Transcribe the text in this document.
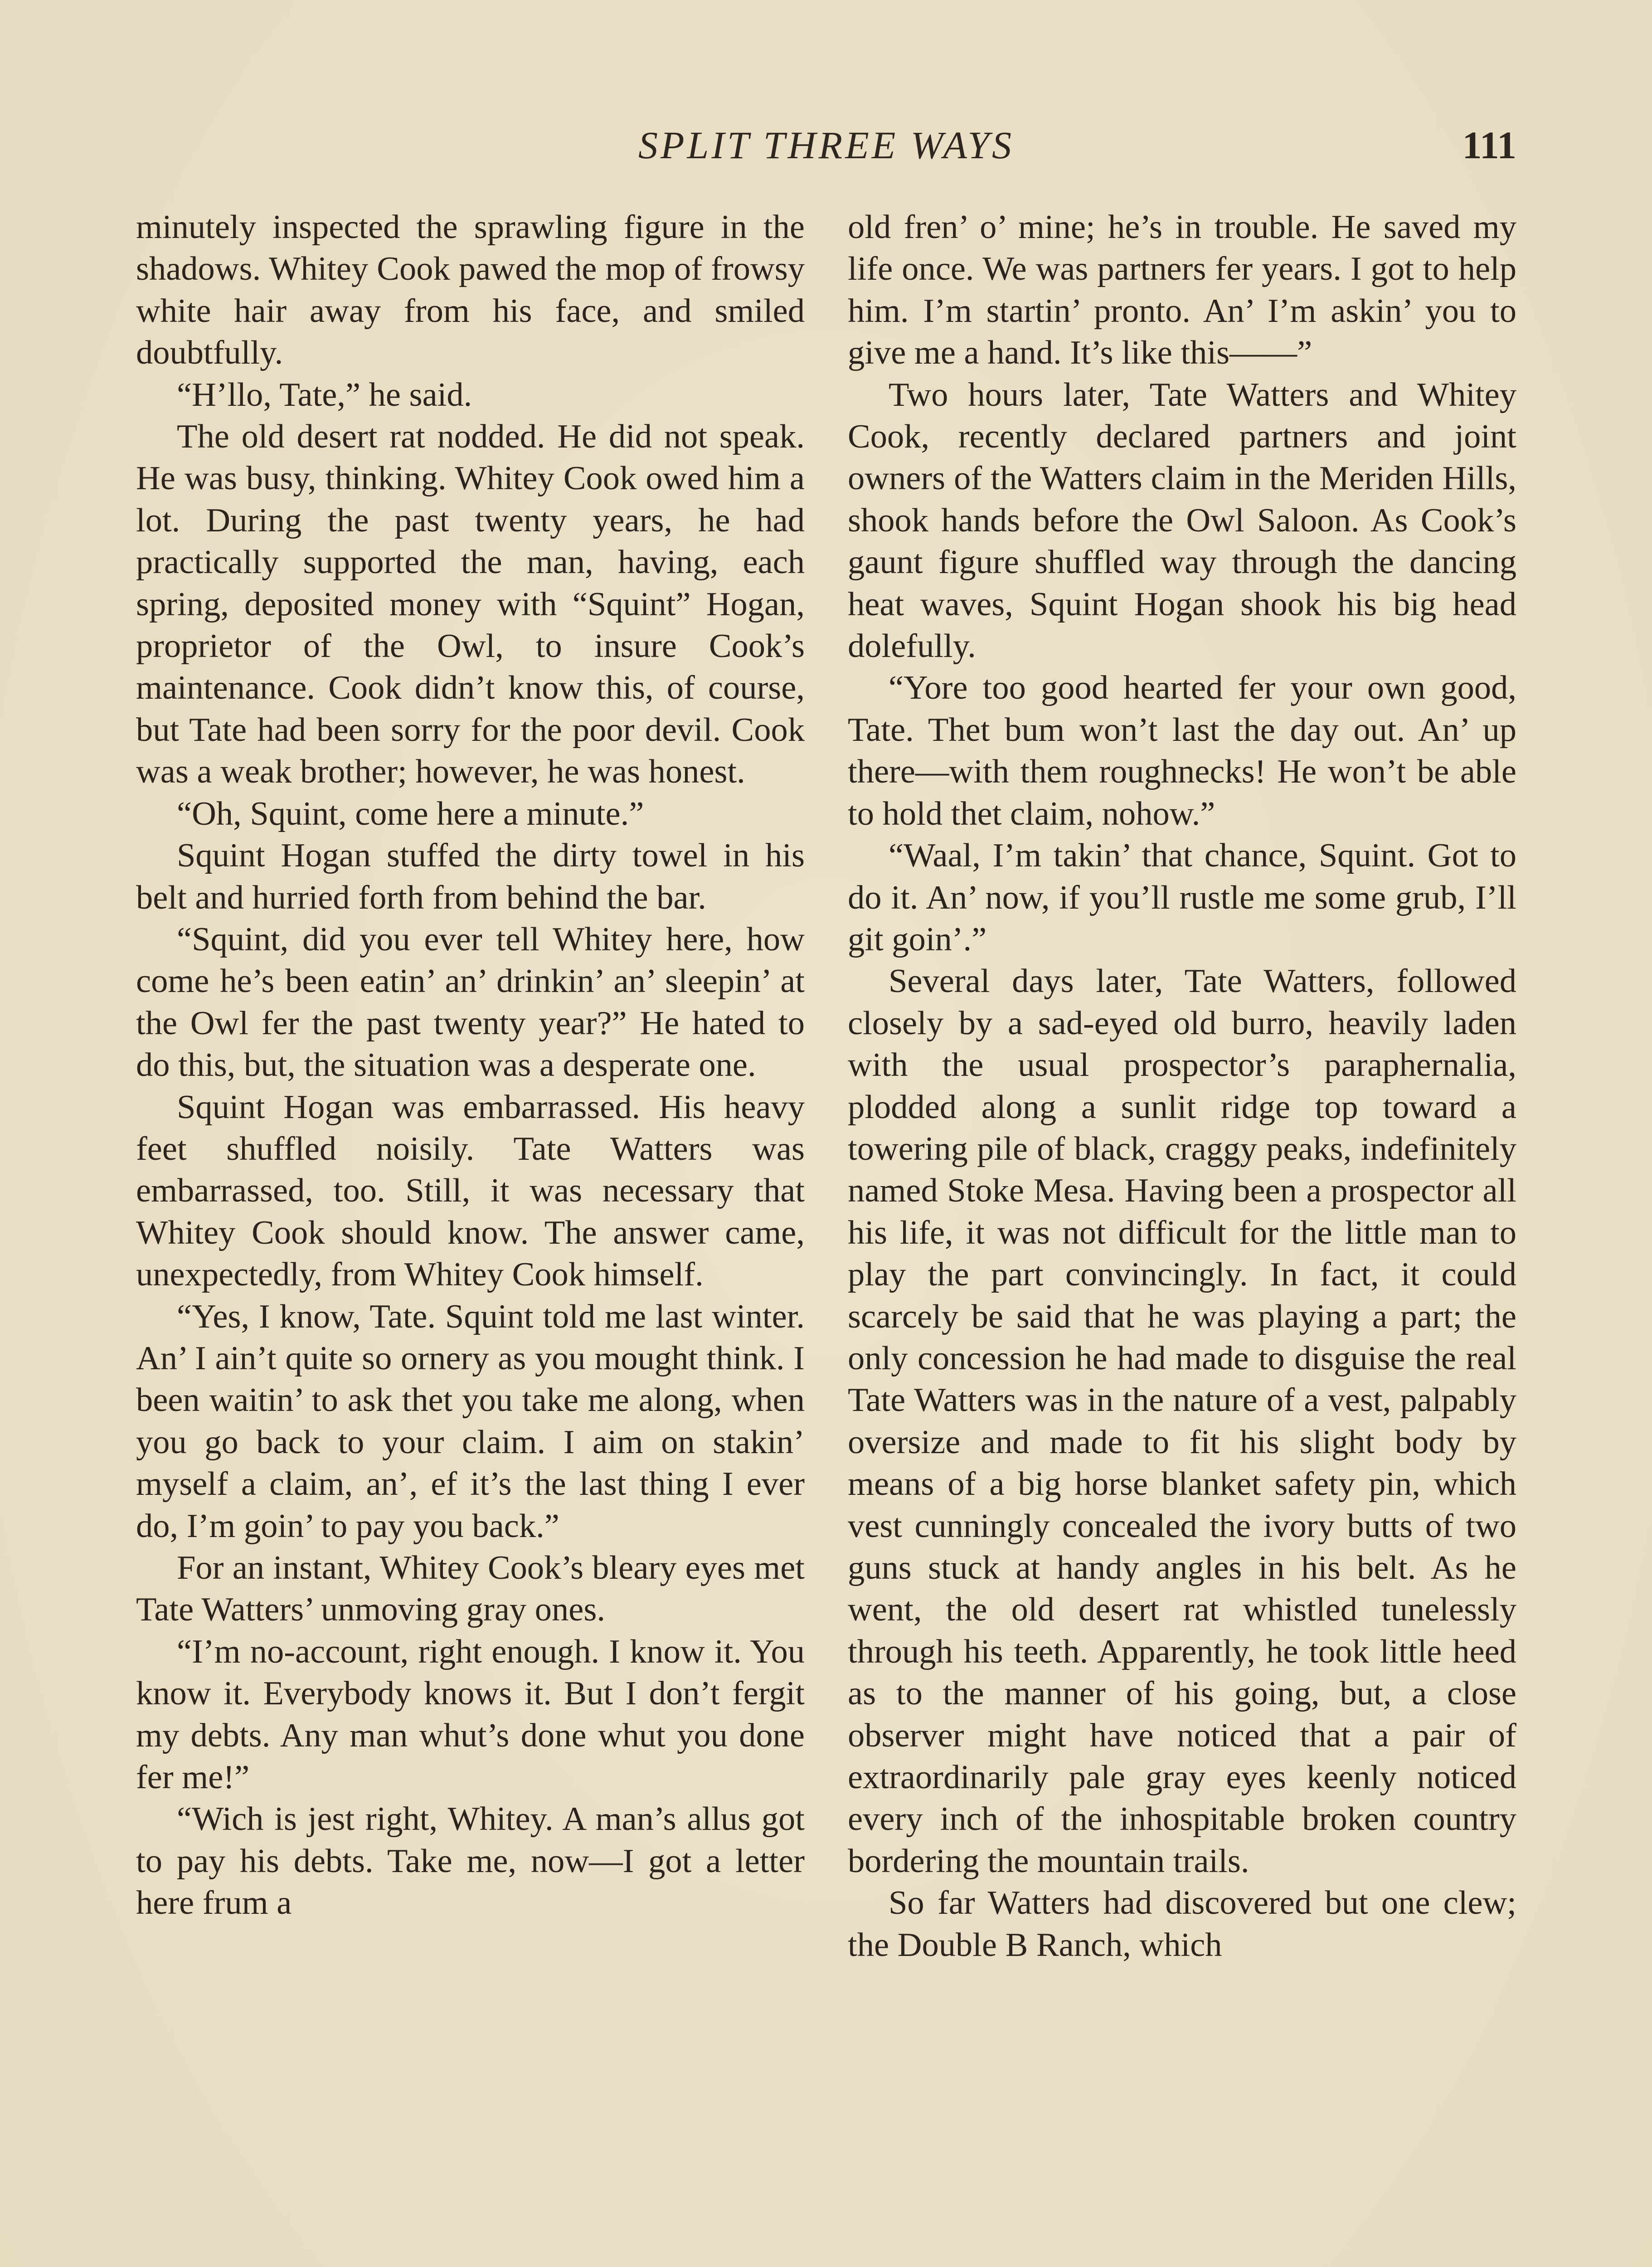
SPLIT THREE WAYS	111

minutely inspected the sprawling figure in the shadows. Whitey Cook pawed the mop of frowsy white hair away from his face, and smiled doubtfully.

“H’llo, Tate,” he said.

The old desert rat nodded. He did not speak. He was busy, thinking. Whitey Cook owed him a lot. During the past twenty years, he had practically supported the man, having, each spring, deposited money with “Squint” Hogan, proprietor of the Owl, to insure Cook’s maintenance. Cook didn’t know this, of course, but Tate had been sorry for the poor devil. Cook was a weak brother; however, he was honest.

“Oh, Squint, come here a minute.”

Squint Hogan stuffed the dirty towel in his belt and hurried forth from behind the bar.

“Squint, did you ever tell Whitey here, how come he’s been eatin’ an’ drinkin’ an’ sleepin’ at the Owl fer the past twenty year?” He hated to do this, but, the situation was a desperate one.

Squint Hogan was embarrassed. His heavy feet shuffled noisily. Tate Watters was embarrassed, too. Still, it was necessary that Whitey Cook should know. The answer came, unexpectedly, from Whitey Cook himself.

“Yes, I know, Tate. Squint told me last winter. An’ I ain’t quite so ornery as you mought think. I been waitin’ to ask thet you take me along, when you go back to your claim. I aim on stakin’ myself a claim, an’, ef it’s the last thing I ever do, I’m goin’ to pay you back.”

For an instant, Whitey Cook’s bleary eyes met Tate Watters’ unmoving gray ones.

“I’m no-account, right enough. I know it. You know it. Everybody knows it. But I don’t fergit my debts. Any man whut’s done whut you done fer me!”

“Wich is jest right, Whitey. A man’s allus got to pay his debts. Take me, now—I got a letter here frum a

old fren’ o’ mine; he’s in trouble. He saved my life once. We was partners fer years. I got to help him. I’m startin’ pronto. An’ I’m askin’ you to give me a hand. It’s like this——”

Two hours later, Tate Watters and Whitey Cook, recently declared partners and joint owners of the Watters claim in the Meriden Hills, shook hands before the Owl Saloon. As Cook’s gaunt figure shuffled way through the dancing heat waves, Squint Hogan shook his big head dolefully.

“Yore too good hearted fer your own good, Tate. Thet bum won’t last the day out. An’ up there—with them roughnecks! He won’t be able to hold thet claim, nohow.”

“Waal, I’m takin’ that chance, Squint. Got to do it. An’ now, if you’ll rustle me some grub, I’ll git goin’.”

Several days later, Tate Watters, followed closely by a sad-eyed old burro, heavily laden with the usual prospector’s paraphernalia, plodded along a sunlit ridge top toward a towering pile of black, craggy peaks, indefinitely named Stoke Mesa. Having been a prospector all his life, it was not difficult for the little man to play the part convincingly. In fact, it could scarcely be said that he was playing a part; the only concession he had made to disguise the real Tate Watters was in the nature of a vest, palpably oversize and made to fit his slight body by means of a big horse blanket safety pin, which vest cunningly concealed the ivory butts of two guns stuck at handy angles in his belt. As he went, the old desert rat whistled tunelessly through his teeth. Apparently, he took little heed as to the manner of his going, but, a close observer might have noticed that a pair of extraordinarily pale gray eyes keenly noticed every inch of the inhospitable broken country bordering the mountain trails.

So far Watters had discovered but one clew; the Double B Ranch, which
